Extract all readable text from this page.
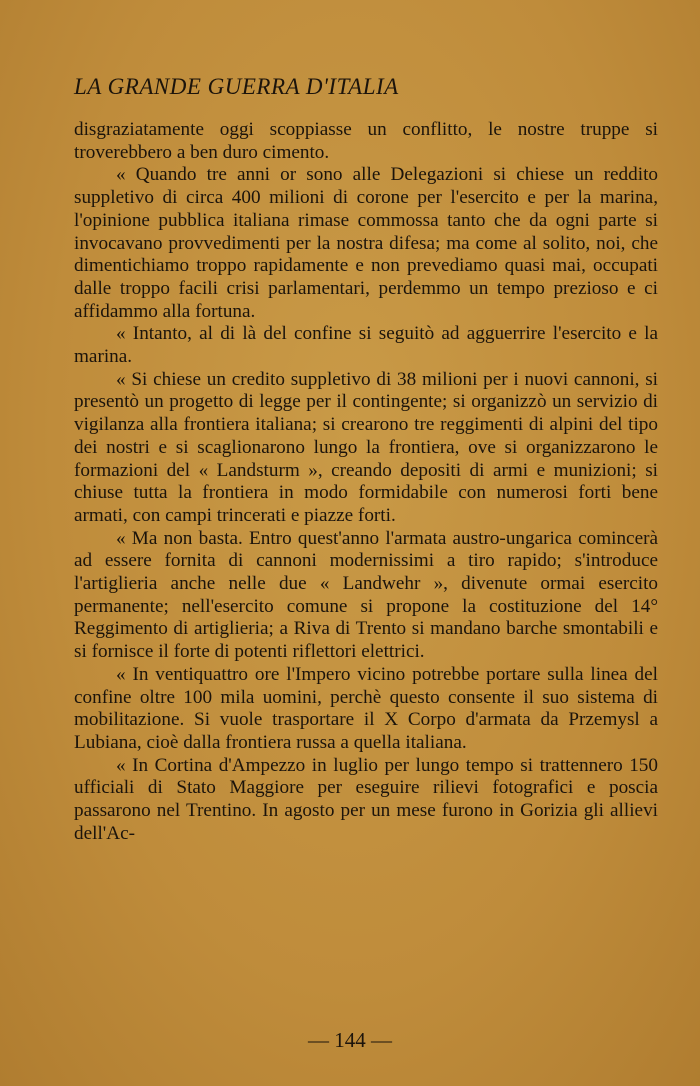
LA GRANDE GUERRA D'ITALIA

disgraziatamente oggi scoppiasse un conflitto, le nostre truppe si troverebbero a ben duro cimento.

« Quando tre anni or sono alle Delegazioni si chiese un reddito suppletivo di circa 400 milioni di corone per l'esercito e per la marina, l'opinione pubblica italiana rimase commossa tanto che da ogni parte si invocavano provvedimenti per la nostra difesa; ma come al solito, noi, che dimentichiamo troppo rapidamente e non prevediamo quasi mai, occupati dalle troppo facili crisi parlamentari, perdemmo un tempo prezioso e ci affidammo alla fortuna.

« Intanto, al di là del confine si seguitò ad agguerrire l'esercito e la marina.

« Si chiese un credito suppletivo di 38 milioni per i nuovi cannoni, si presentò un progetto di legge per il contingente; si organizzò un servizio di vigilanza alla frontiera italiana; si crearono tre reggimenti di alpini del tipo dei nostri e si scaglionarono lungo la frontiera, ove si organizzarono le formazioni del « Landsturm », creando depositi di armi e munizioni; si chiuse tutta la frontiera in modo formidabile con numerosi forti bene armati, con campi trincerati e piazze forti.

« Ma non basta. Entro quest'anno l'armata austro-ungarica comincerà ad essere fornita di cannoni modernissimi a tiro rapido; s'introduce l'artiglieria anche nelle due « Landwehr », divenute ormai esercito permanente; nell'esercito comune si propone la costituzione del 14° Reggimento di artiglieria; a Riva di Trento si mandano barche smontabili e si fornisce il forte di potenti riflettori elettrici.

« In ventiquattro ore l'Impero vicino potrebbe portare sulla linea del confine oltre 100 mila uomini, perchè questo consente il suo sistema di mobilitazione. Si vuole trasportare il X Corpo d'armata da Przemysl a Lubiana, cioè dalla frontiera russa a quella italiana.

« In Cortina d'Ampezzo in luglio per lungo tempo si trattennero 150 ufficiali di Stato Maggiore per eseguire rilievi fotografici e poscia passarono nel Trentino. In agosto per un mese furono in Gorizia gli allievi dell'Ac-

— 144 —
